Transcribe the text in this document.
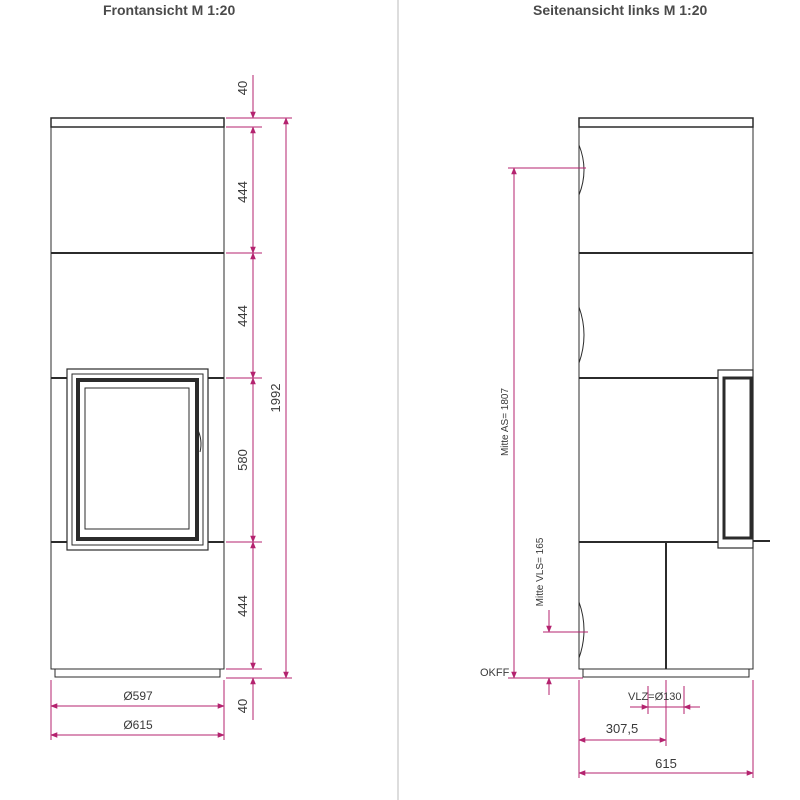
Frontansicht M 1:20	Seitenansicht links M 1:20
40
444
444
580
444
40
1992
Ø597
Ø615
Mitte AS= 1807
Mitte VLS= 165
OKFF
VLZ=Ø130
307,5
615
